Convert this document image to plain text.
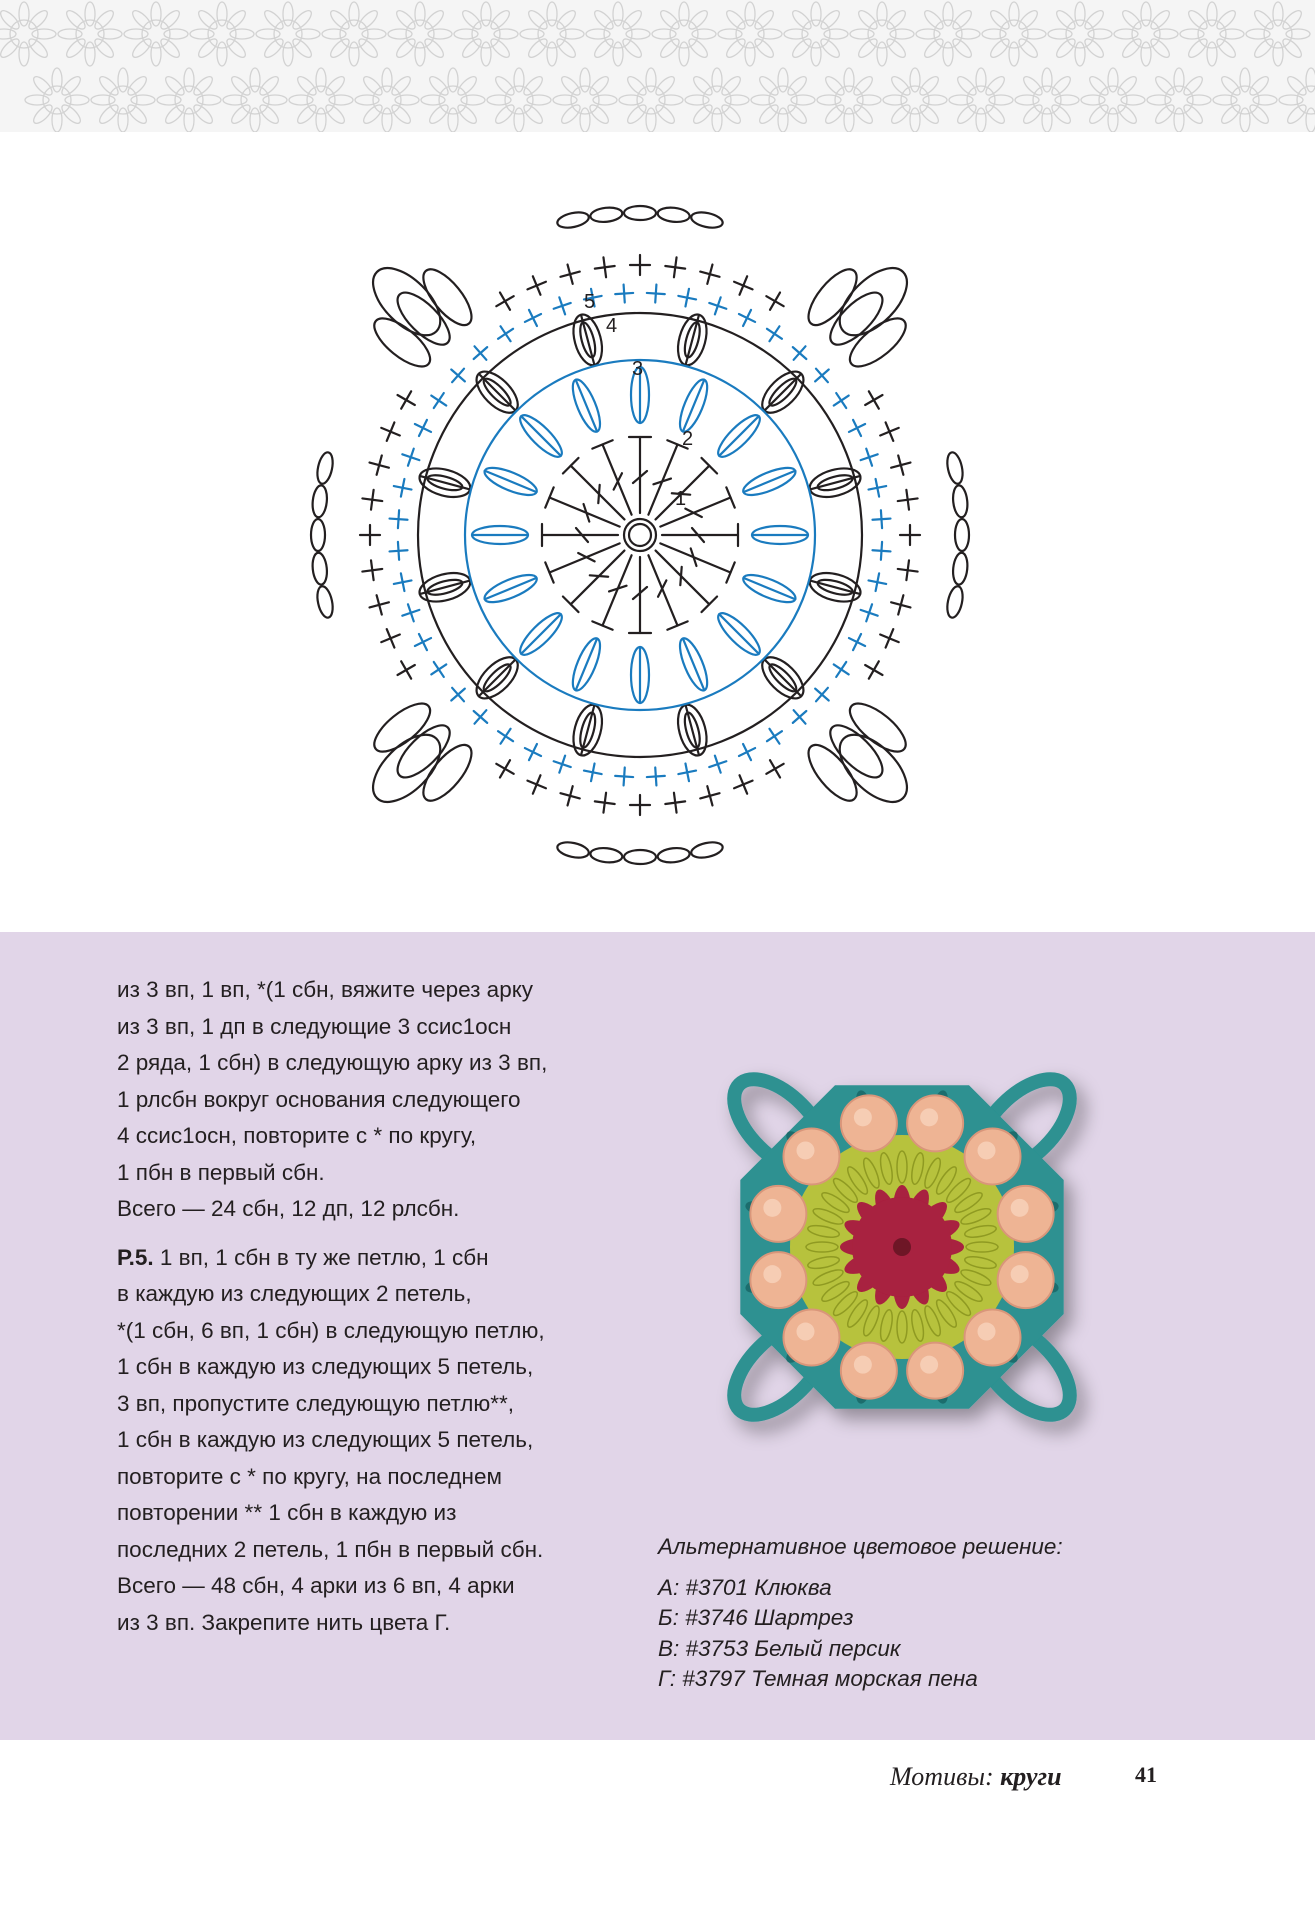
1
2
3
4
5

из 3 вп, 1 вп, *(1 сбн, вяжите через арку

из 3 вп, 1 дп в следующие 3 ссис1осн

2 ряда, 1 сбн) в следующую арку из 3 вп,

1 рлсбн вокруг основания следующего

4 ссис1осн, повторите с * по кругу,

1 пбн в первый сбн.

Всего — 24 сбн, 12 дп, 12 рлсбн.

Р.5. 1 вп, 1 сбн в ту же петлю, 1 сбн

в каждую из следующих 2 петель,

*(1 сбн, 6 вп, 1 сбн) в следующую петлю,

1 сбн в каждую из следующих 5 петель,

3 вп, пропустите следующую петлю**,

1 сбн в каждую из следующих 5 петель,

повторите с * по кругу, на последнем

повторении ** 1 сбн в каждую из

последних 2 петель, 1 пбн в первый сбн.

Всего — 48 сбн, 4 арки из 6 вп, 4 арки

из 3 вп. Закрепите нить цвета Г.

Альтернативное цветовое решение:
А: #3701 Клюква
Б: #3746 Шартрез
В: #3753 Белый персик
Г: #3797 Темная морская пена
Мотивы: круги	41
